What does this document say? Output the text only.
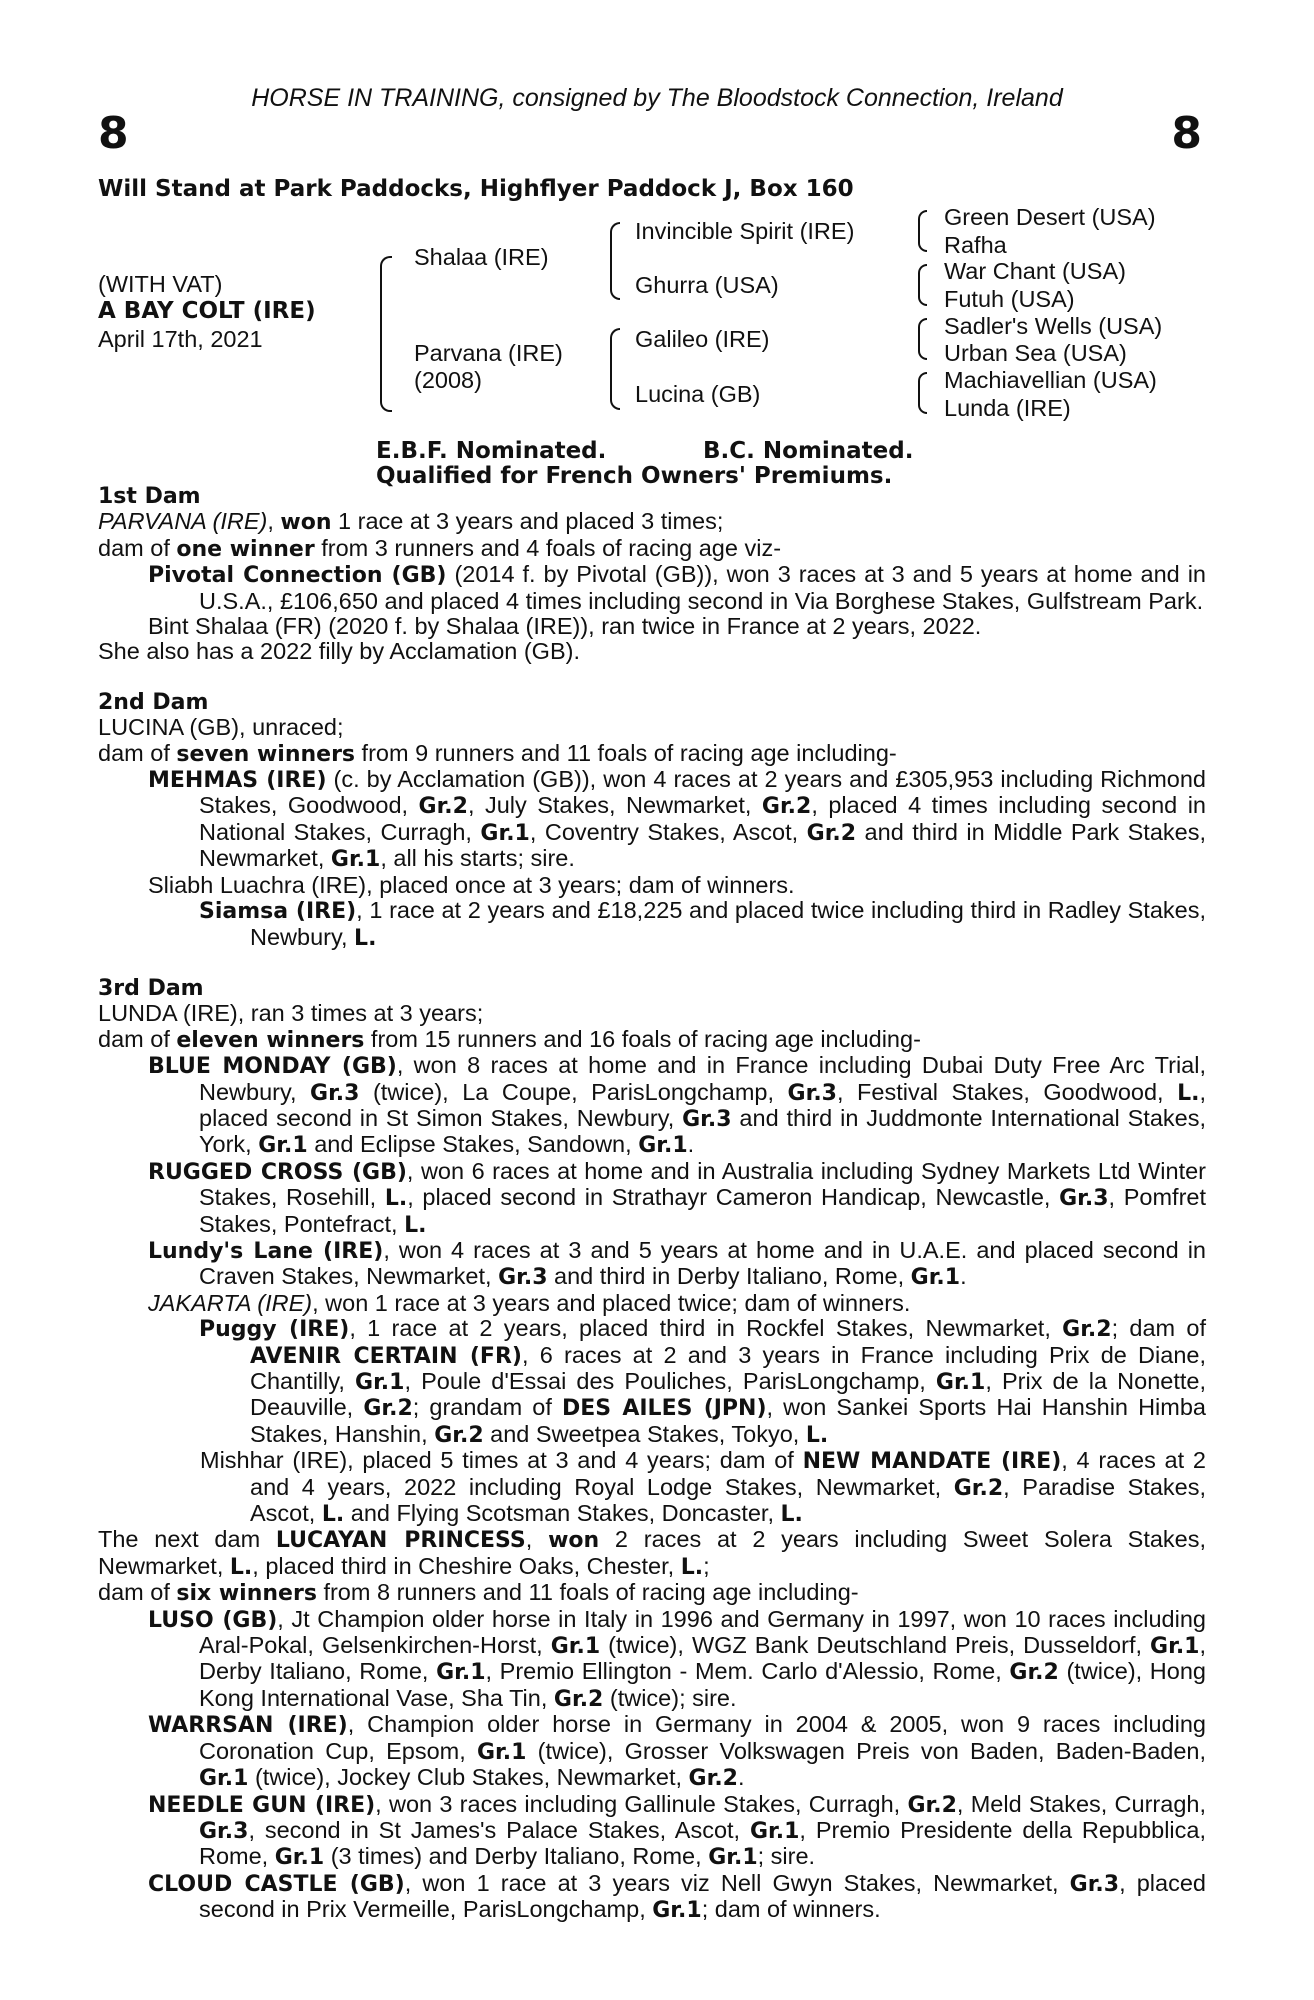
HORSE IN TRAINING, consigned by The Bloodstock Connection, Ireland
8	8
Will Stand at Park Paddocks, Highflyer Paddock J, Box 160
(WITH VAT)
A BAY COLT (IRE)
April 17th, 2021
Shalaa (IRE)
Parvana (IRE)
(2008)
Invincible Spirit (IRE)
Ghurra (USA)
Galileo (IRE)
Lucina (GB)
Green Desert (USA)
Rafha
War Chant (USA)
Futuh (USA)
Sadler's Wells (USA)
Urban Sea (USA)
Machiavellian (USA)
Lunda (IRE)
E.B.F. Nominated.	B.C. Nominated.
Qualified for French Owners' Premiums.

1st Dam

PARVANA (IRE), won 1 race at 3 years and placed 3 times;

dam of one winner from 3 runners and 4 foals of racing age viz-

Pivotal Connection (GB) (2014 f. by Pivotal (GB)), won 3 races at 3 and 5 years at home and in U.S.A., £106,650 and placed 4 times including second in Via Borghese Stakes, Gulfstream Park.

Bint Shalaa (FR) (2020 f. by Shalaa (IRE)), ran twice in France at 2 years, 2022.

She also has a 2022 filly by Acclamation (GB).

2nd Dam

LUCINA (GB), unraced;

dam of seven winners from 9 runners and 11 foals of racing age including-

MEHMAS (IRE) (c. by Acclamation (GB)), won 4 races at 2 years and £305,953 including Richmond Stakes, Goodwood, Gr.2, July Stakes, Newmarket, Gr.2, placed 4 times including second in National Stakes, Curragh, Gr.1, Coventry Stakes, Ascot, Gr.2 and third in Middle Park Stakes, Newmarket, Gr.1, all his starts; sire.

Sliabh Luachra (IRE), placed once at 3 years; dam of winners.

Siamsa (IRE), 1 race at 2 years and £18,225 and placed twice including third in Radley Stakes, Newbury, L.

3rd Dam

LUNDA (IRE), ran 3 times at 3 years;

dam of eleven winners from 15 runners and 16 foals of racing age including-

BLUE MONDAY (GB), won 8 races at home and in France including Dubai Duty Free Arc Trial, Newbury, Gr.3 (twice), La Coupe, ParisLongchamp, Gr.3, Festival Stakes, Goodwood, L., placed second in St Simon Stakes, Newbury, Gr.3 and third in Juddmonte International Stakes, York, Gr.1 and Eclipse Stakes, Sandown, Gr.1.

RUGGED CROSS (GB), won 6 races at home and in Australia including Sydney Markets Ltd Winter Stakes, Rosehill, L., placed second in Strathayr Cameron Handicap, Newcastle, Gr.3, Pomfret Stakes, Pontefract, L.

Lundy's Lane (IRE), won 4 races at 3 and 5 years at home and in U.A.E. and placed second in Craven Stakes, Newmarket, Gr.3 and third in Derby Italiano, Rome, Gr.1.

JAKARTA (IRE), won 1 race at 3 years and placed twice; dam of winners.

Puggy (IRE), 1 race at 2 years, placed third in Rockfel Stakes, Newmarket, Gr.2; dam of AVENIR CERTAIN (FR), 6 races at 2 and 3 years in France including Prix de Diane, Chantilly, Gr.1, Poule d'Essai des Pouliches, ParisLongchamp, Gr.1, Prix de la Nonette, Deauville, Gr.2; grandam of DES AILES (JPN), won Sankei Sports Hai Hanshin Himba Stakes, Hanshin, Gr.2 and Sweetpea Stakes, Tokyo, L.

Mishhar (IRE), placed 5 times at 3 and 4 years; dam of NEW MANDATE (IRE), 4 races at 2 and 4 years, 2022 including Royal Lodge Stakes, Newmarket, Gr.2, Paradise Stakes, Ascot, L. and Flying Scotsman Stakes, Doncaster, L.

The next dam LUCAYAN PRINCESS, won 2 races at 2 years including Sweet Solera Stakes, Newmarket, L., placed third in Cheshire Oaks, Chester, L.;

dam of six winners from 8 runners and 11 foals of racing age including-

LUSO (GB), Jt Champion older horse in Italy in 1996 and Germany in 1997, won 10 races including Aral-Pokal, Gelsenkirchen-Horst, Gr.1 (twice), WGZ Bank Deutschland Preis, Dusseldorf, Gr.1, Derby Italiano, Rome, Gr.1, Premio Ellington - Mem. Carlo d'Alessio, Rome, Gr.2 (twice), Hong Kong International Vase, Sha Tin, Gr.2 (twice); sire.

WARRSAN (IRE), Champion older horse in Germany in 2004 & 2005, won 9 races including Coronation Cup, Epsom, Gr.1 (twice), Grosser Volkswagen Preis von Baden, Baden-Baden, Gr.1 (twice), Jockey Club Stakes, Newmarket, Gr.2.

NEEDLE GUN (IRE), won 3 races including Gallinule Stakes, Curragh, Gr.2, Meld Stakes, Curragh, Gr.3, second in St James's Palace Stakes, Ascot, Gr.1, Premio Presidente della Repubblica, Rome, Gr.1 (3 times) and Derby Italiano, Rome, Gr.1; sire.

CLOUD CASTLE (GB), won 1 race at 3 years viz Nell Gwyn Stakes, Newmarket, Gr.3, placed second in Prix Vermeille, ParisLongchamp, Gr.1; dam of winners.
